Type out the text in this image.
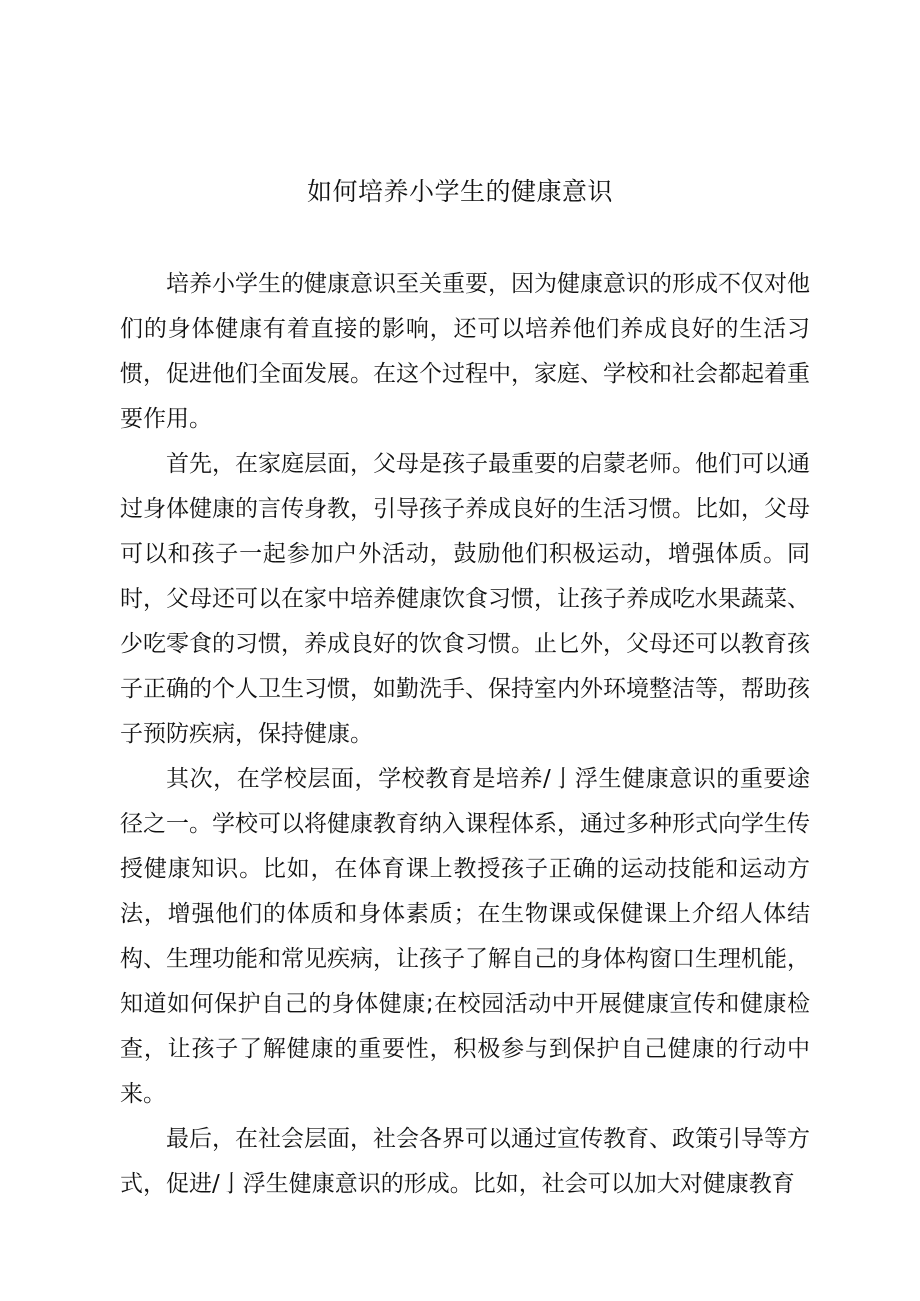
如何培养小学生的健康意识

培养小学生的健康意识至关重要，因为健康意识的形成不仅对他们的身体健康有着直接的影响，还可以培养他们养成良好的生活习惯，促进他们全面发展。在这个过程中，家庭、学校和社会都起着重要作用。

首先，在家庭层面，父母是孩子最重要的启蒙老师。他们可以通过身体健康的言传身教，引导孩子养成良好的生活习惯。比如，父母可以和孩子一起参加户外活动，鼓励他们积极运动，增强体质。同时，父母还可以在家中培养健康饮食习惯，让孩子养成吃水果蔬菜、少吃零食的习惯，养成良好的饮食习惯。止匕外，父母还可以教育孩子正确的个人卫生习惯，如勤洗手、保持室内外环境整洁等，帮助孩子预防疾病，保持健康。

其次，在学校层面，学校教育是培养/亅浮生健康意识的重要途径之一。学校可以将健康教育纳入课程体系，通过多种形式向学生传授健康知识。比如，在体育课上教授孩子正确的运动技能和运动方法，增强他们的体质和身体素质；在生物课或保健课上介绍人体结构、生理功能和常见疾病，让孩子了解自己的身体构窗口生理机能，知道如何保护自己的身体健康;在校园活动中开展健康宣传和健康检查，让孩子了解健康的重要性，积极参与到保护自己健康的行动中来。

最后，在社会层面，社会各界可以通过宣传教育、政策引导等方式，促进/亅浮生健康意识的形成。比如，社会可以加大对健康教育
